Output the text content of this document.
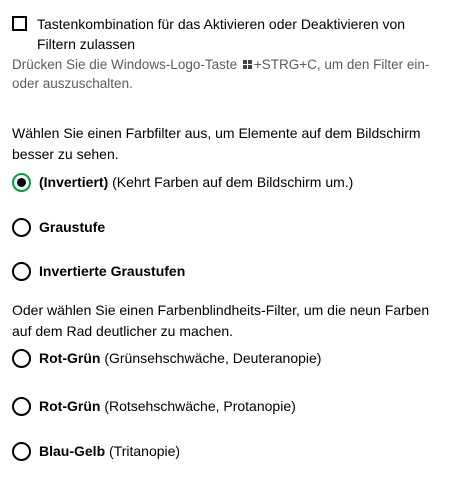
Tastenkombination für das Aktivieren oder Deaktivieren von Filtern zulassen
Drücken Sie die Windows-Logo-Taste +STRG+C, um den Filter ein- oder auszuschalten.
Wählen Sie einen Farbfilter aus, um Elemente auf dem Bildschirm besser zu sehen.
(Invertiert) (Kehrt Farben auf dem Bildschirm um.)
Graustufe
Invertierte Graustufen
Oder wählen Sie einen Farbenblindheits-Filter, um die neun Farben auf dem Rad deutlicher zu machen.
Rot-Grün (Grünsehschwäche, Deuteranopie)
Rot-Grün (Rotsehschwäche, Protanopie)
Blau-Gelb (Tritanopie)
